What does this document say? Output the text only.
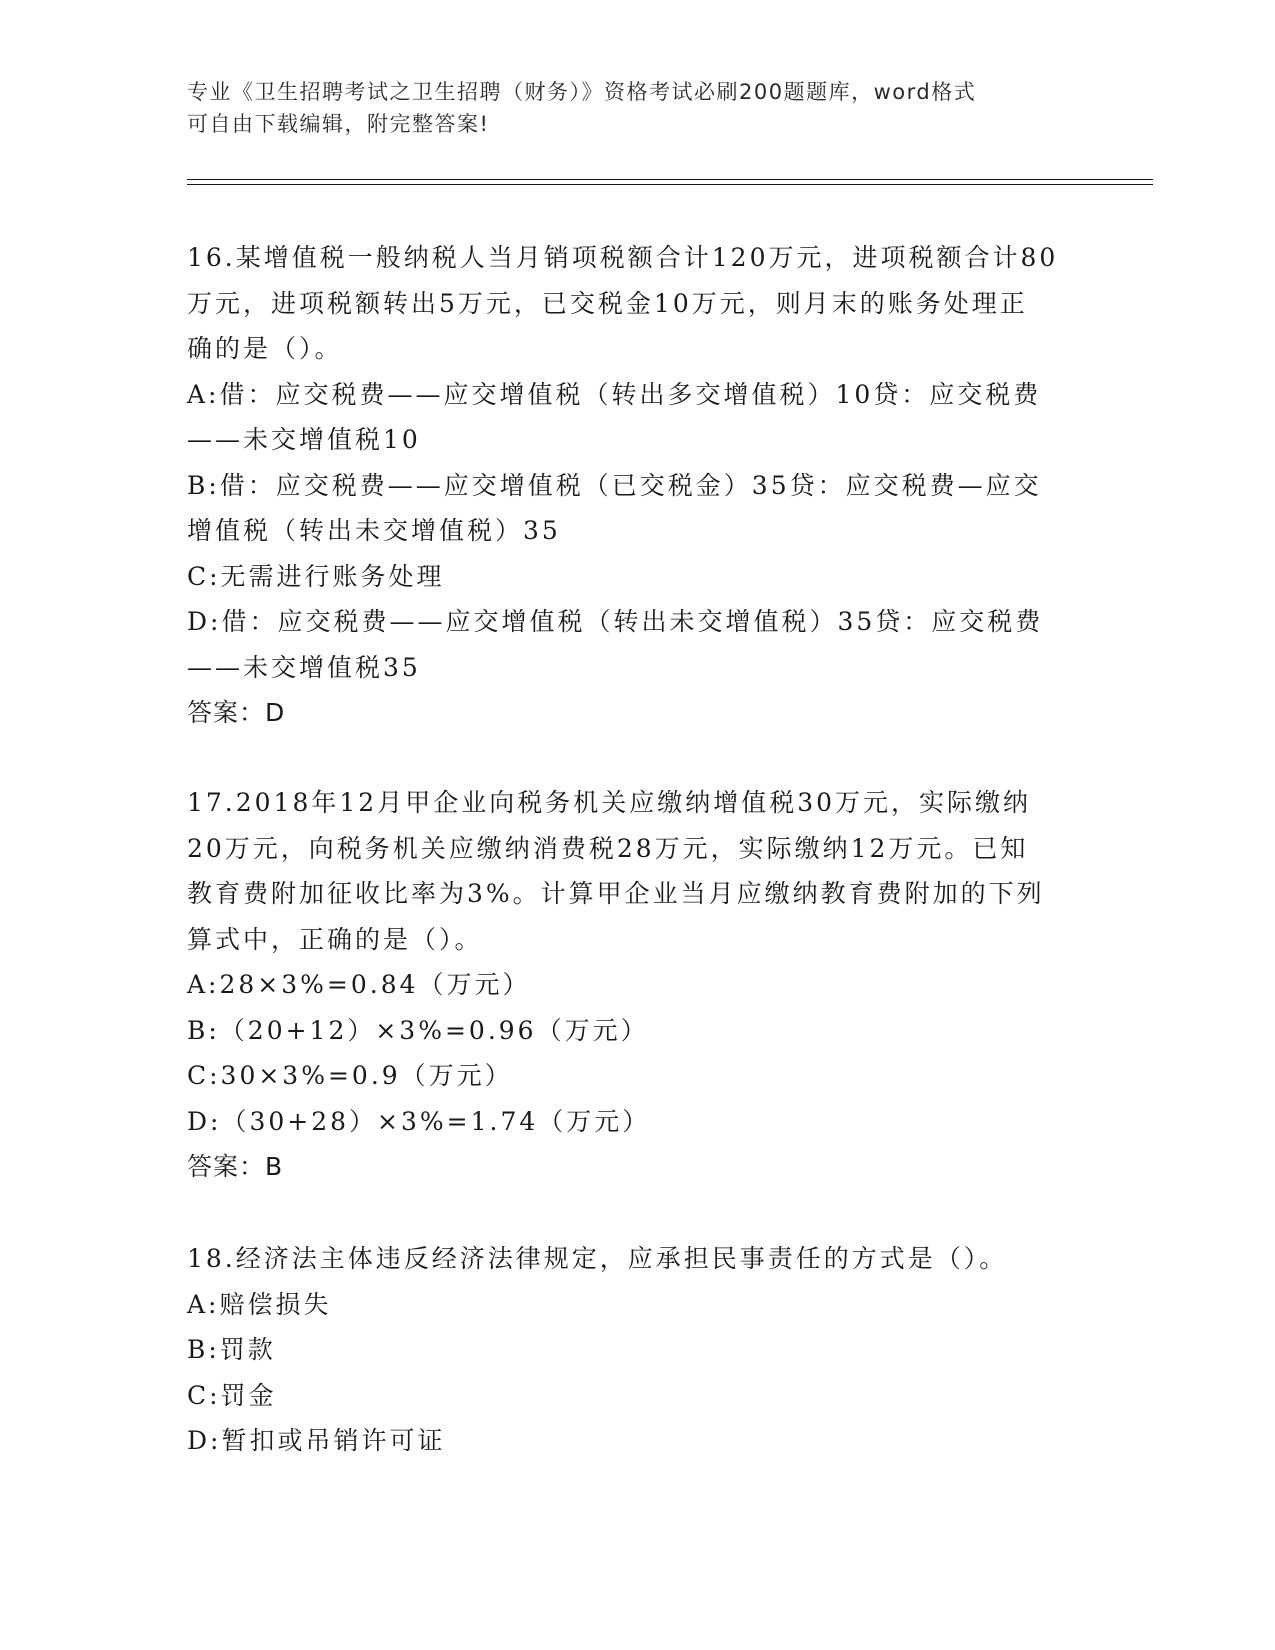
专业《卫生招聘考试之卫生招聘（财务）》资格考试必刷200题题库，word格式
可自由下载编辑，附完整答案!

16.某增值税一般纳税人当月销项税额合计120万元，进项税额合计80

万元，进项税额转出5万元，已交税金10万元，则月末的账务处理正

确的是（）。

A:借：应交税费——应交增值税（转出多交增值税）10贷：应交税费

——未交增值税10

B:借：应交税费——应交增值税（已交税金）35贷：应交税费—应交

增值税（转出未交增值税）35

C:无需进行账务处理

D:借：应交税费——应交增值税（转出未交增值税）35贷：应交税费

——未交增值税35

答案：D

17.2018年12月甲企业向税务机关应缴纳增值税30万元，实际缴纳

20万元，向税务机关应缴纳消费税28万元，实际缴纳12万元。已知

教育费附加征收比率为3%。计算甲企业当月应缴纳教育费附加的下列

算式中，正确的是（）。

A:28×3%=0.84（万元）

B:（20+12）×3%=0.96（万元）

C:30×3%=0.9（万元）

D:（30+28）×3%=1.74（万元）

答案：B

18.经济法主体违反经济法律规定，应承担民事责任的方式是（）。

A:赔偿损失

B:罚款

C:罚金

D:暂扣或吊销许可证
